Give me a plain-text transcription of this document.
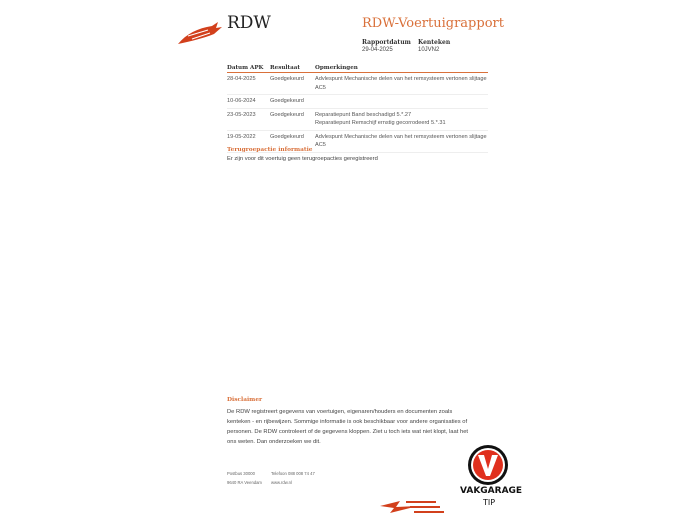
RDW	RDW-Voertuigrapport
Rapportdatum
29-04-2025
Kenteken
10JVN2
Datum APK	Resultaat	Opmerkingen
28-04-2025	Goedgekeurd	Advlespunt Mechanische delen van het remsysteem vertonen slijtage AC5
10-06-2024	Goedgekeurd	
23-05-2023	Goedgekeurd	Reparatiepunt Band beschadigd 5.*.27
Reparatiepunt Remschijf ernstig gecorrodeerd 5.*.31

19-05-2022	Goedgekeurd	Advlespunt Mechanische delen van het remsysteem vertonen slijtage AC5
Terugroepactie informatie
Er zijn voor dit voertuig geen terugroepacties geregistreerd
Disclaimer
De RDW registreert gegevens van voertuigen, eigenaren/houders en documenten zoals kenteken - en rijbewijzen. Sommige informatie is ook beschikbaar voor andere organisaties of personen. De RDW controleert of de gegevens kloppen. Ziet u toch iets wat niet klopt, laat het ons weten. Dan onderzoeken we dit.
Postbus 30000
9640 RA Veendam
Telefoon 088 008 74 47
www.rdw.nl
VAKGARAGE
TIP
